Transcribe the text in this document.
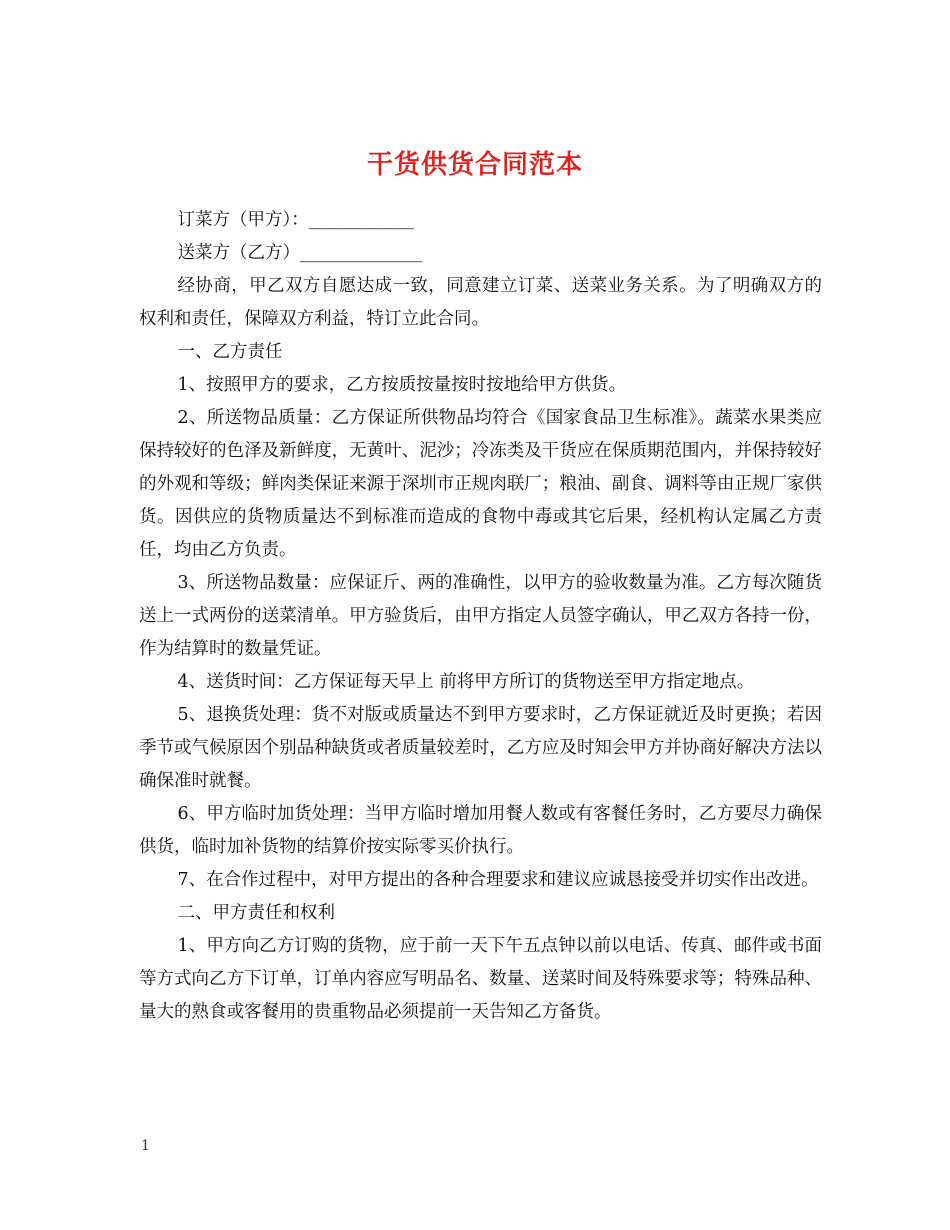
干货供货合同范本

订菜方（甲方）：____________

送菜方（乙方）______________

经协商，甲乙双方自愿达成一致，同意建立订菜、送菜业务关系。为了明确双方的权利和责任，保障双方利益，特订立此合同。

一、乙方责任

1、按照甲方的要求，乙方按质按量按时按地给甲方供货。

2、所送物品质量：乙方保证所供物品均符合《国家食品卫生标准》。蔬菜水果类应保持较好的色泽及新鲜度，无黄叶、泥沙；冷冻类及干货应在保质期范围内，并保持较好的外观和等级；鲜肉类保证来源于深圳市正规肉联厂；粮油、副食、调料等由正规厂家供货。因供应的货物质量达不到标准而造成的食物中毒或其它后果，经机构认定属乙方责任，均由乙方负责。

3、所送物品数量：应保证斤、两的准确性，以甲方的验收数量为准。乙方每次随货送上一式两份的送菜清单。甲方验货后，由甲方指定人员签字确认，甲乙双方各持一份，作为结算时的数量凭证。

4、送货时间：乙方保证每天早上 前将甲方所订的货物送至甲方指定地点。

5、退换货处理：货不对版或质量达不到甲方要求时，乙方保证就近及时更换；若因季节或气候原因个别品种缺货或者质量较差时，乙方应及时知会甲方并协商好解决方法以确保准时就餐。

6、甲方临时加货处理：当甲方临时增加用餐人数或有客餐任务时，乙方要尽力确保供货，临时加补货物的结算价按实际零买价执行。

7、在合作过程中，对甲方提出的各种合理要求和建议应诚恳接受并切实作出改进。

二、甲方责任和权利

1、甲方向乙方订购的货物，应于前一天下午五点钟以前以电话、传真、邮件或书面等方式向乙方下订单，订单内容应写明品名、数量、送菜时间及特殊要求等；特殊品种、量大的熟食或客餐用的贵重物品必须提前一天告知乙方备货。

1
